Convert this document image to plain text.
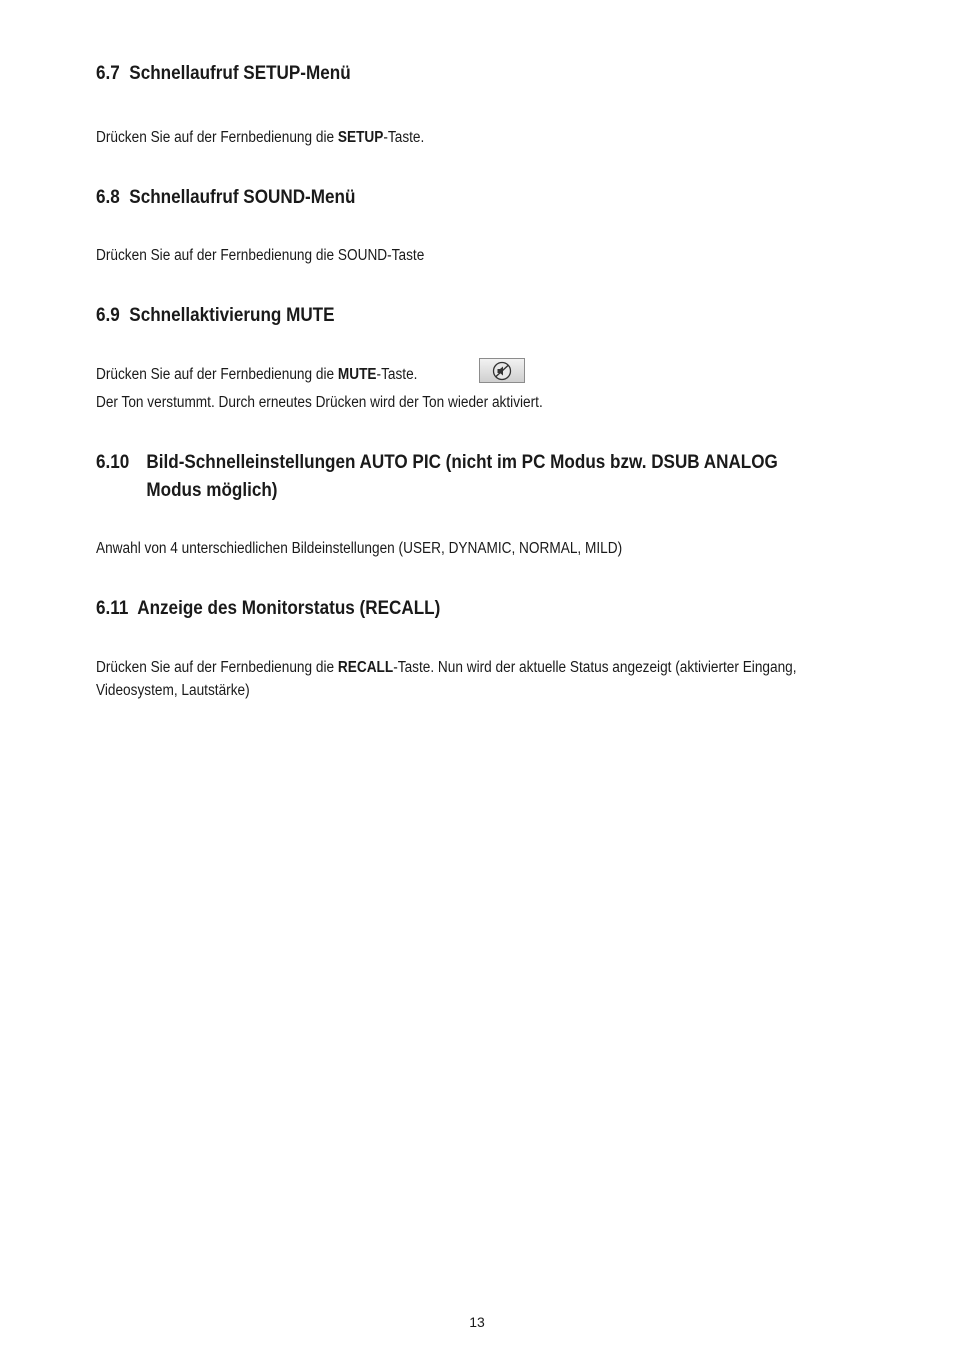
6.7 Schnellaufruf SETUP-Menü
Drücken Sie auf der Fernbedienung die SETUP-Taste.
6.8 Schnellaufruf SOUND-Menü
Drücken Sie auf der Fernbedienung die SOUND-Taste
6.9 Schnellaktivierung MUTE
Drücken Sie auf der Fernbedienung die MUTE-Taste.
Der Ton verstummt. Durch erneutes Drücken wird der Ton wieder aktiviert.
6.10 Bild-Schnelleinstellungen AUTO PIC (nicht im PC Modus bzw. DSUB ANALOG
Modus möglich)
Anwahl von 4 unterschiedlichen Bildeinstellungen (USER, DYNAMIC, NORMAL, MILD)
6.11 Anzeige des Monitorstatus (RECALL)
Drücken Sie auf der Fernbedienung die RECALL-Taste. Nun wird der aktuelle Status angezeigt (aktivierter Eingang,
Videosystem, Lautstärke)
13
